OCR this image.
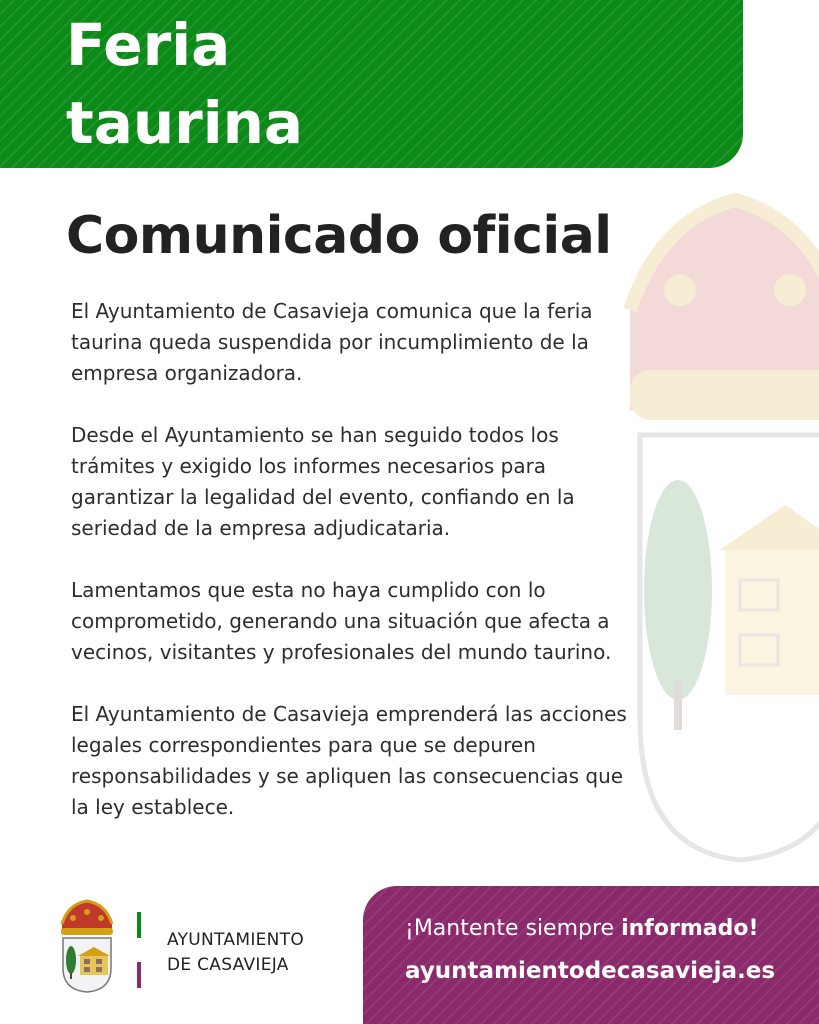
Feria
taurina
Comunicado oficial

El Ayuntamiento de Casavieja comunica que la feria taurina queda suspendida por incumplimiento de la empresa organizadora.

Desde el Ayuntamiento se han seguido todos los trámites y exigido los informes necesarios para garantizar la legalidad del evento, confiando en la seriedad de la empresa adjudicataria.

Lamentamos que esta no haya cumplido con lo comprometido, generando una situación que afecta a vecinos, visitantes y profesionales del mundo taurino.

El Ayuntamiento de Casavieja emprenderá las acciones legales correspondientes para que se depuren responsabilidades y se apliquen las consecuencias que la ley establece.

AYUNTAMIENTO
DE CASAVIEJA
¡Mantente siempre informado!
ayuntamientodecasavieja.es
